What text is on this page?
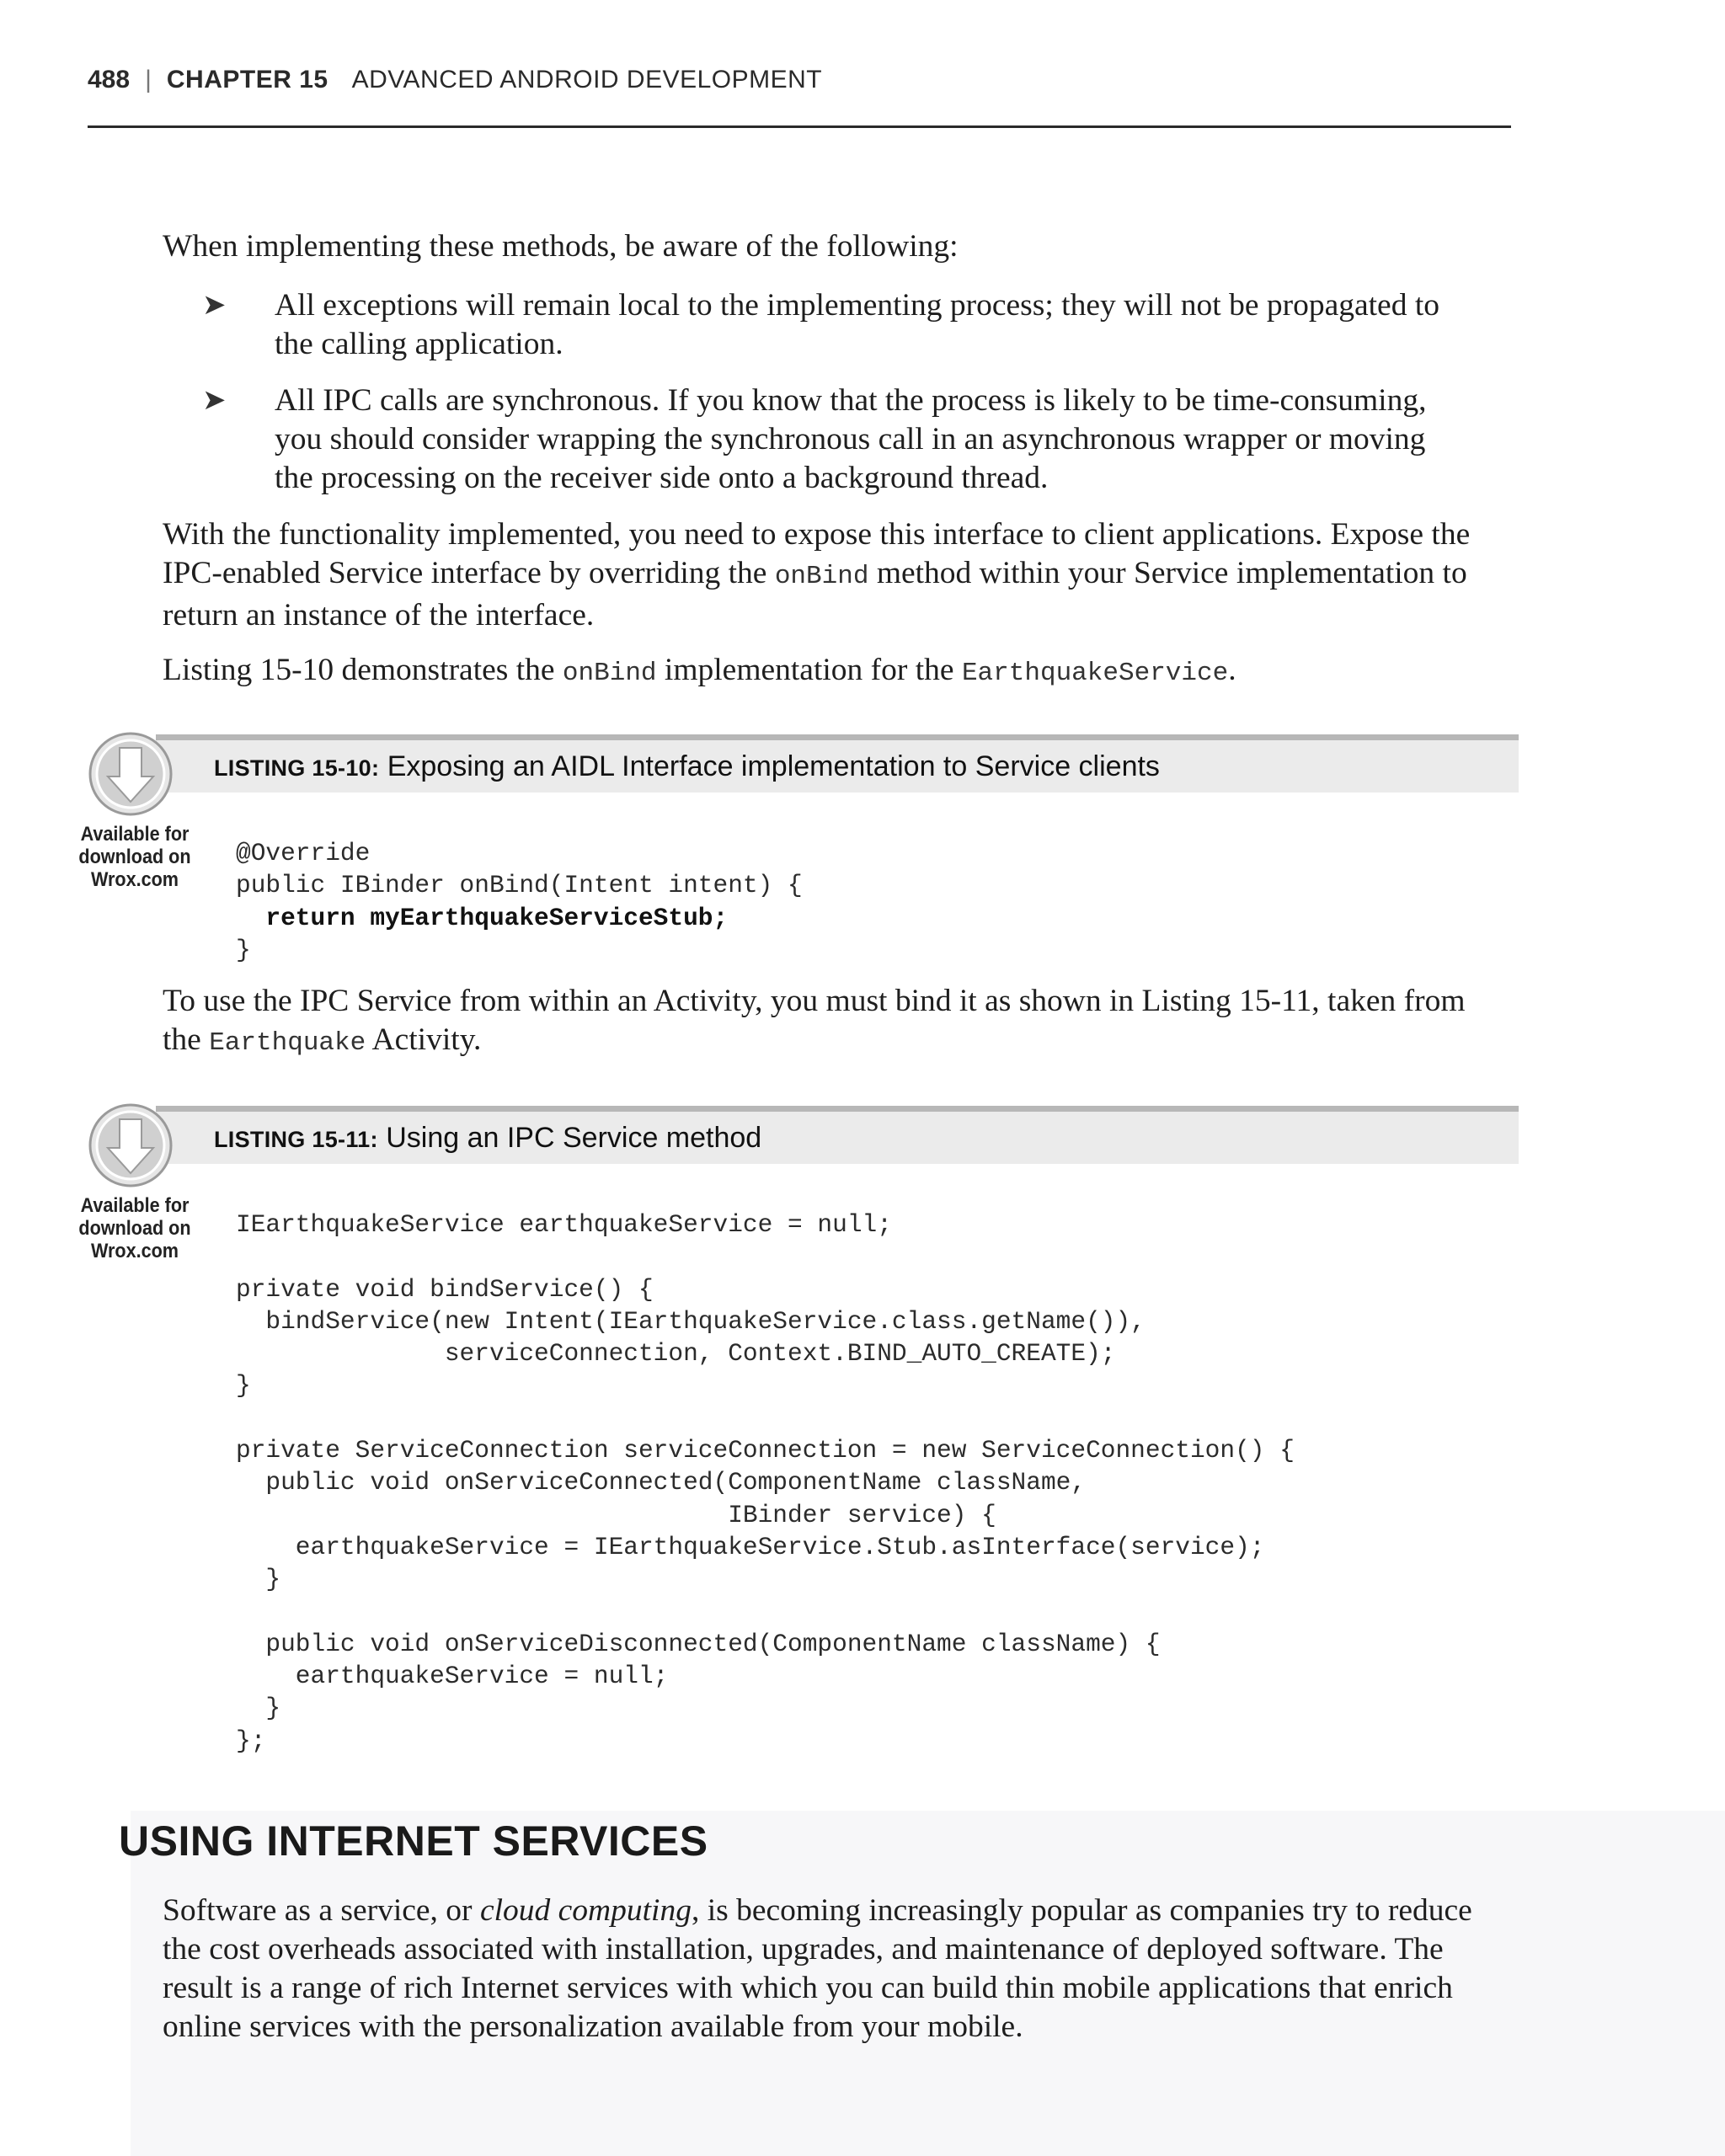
488 | CHAPTER 15 ADVANCED ANDROID DEVELOPMENT

When implementing these methods, be aware of the following:

➤	All exceptions will remain local to the implementing process; they will not be propagated to
the calling application.

➤	All IPC calls are synchronous. If you know that the process is likely to be time-consuming,
you should consider wrapping the synchronous call in an asynchronous wrapper or moving
the processing on the receiver side onto a background thread.

With the functionality implemented, you need to expose this interface to client applications. Expose the
IPC-enabled Service interface by overriding the onBind method within your Service implementation to
return an instance of the interface.

Listing 15-10 demonstrates the onBind implementation for the EarthquakeService.

LISTING 15-10: Exposing an AIDL Interface implementation to Service clients
Available for
download on
Wrox.com
@Override
public IBinder onBind(Intent intent) {
return myEarthquakeServiceStub;
}

To use the IPC Service from within an Activity, you must bind it as shown in Listing 15-11, taken from
the Earthquake Activity.

LISTING 15-11: Using an IPC Service method
Available for
download on
Wrox.com
IEarthquakeService earthquakeService = null;

private void bindService() {
bindService(new Intent(IEarthquakeService.class.getName()),
serviceConnection, Context.BIND_AUTO_CREATE);
}

private ServiceConnection serviceConnection = new ServiceConnection() {
public void onServiceConnected(ComponentName className,
IBinder service) {
earthquakeService = IEarthquakeService.Stub.asInterface(service);
}

public void onServiceDisconnected(ComponentName className) {
earthquakeService = null;
}
};
USING INTERNET SERVICES

Software as a service, or cloud computing, is becoming increasingly popular as companies try to reduce
the cost overheads associated with installation, upgrades, and maintenance of deployed software. The
result is a range of rich Internet services with which you can build thin mobile applications that enrich
online services with the personalization available from your mobile.
